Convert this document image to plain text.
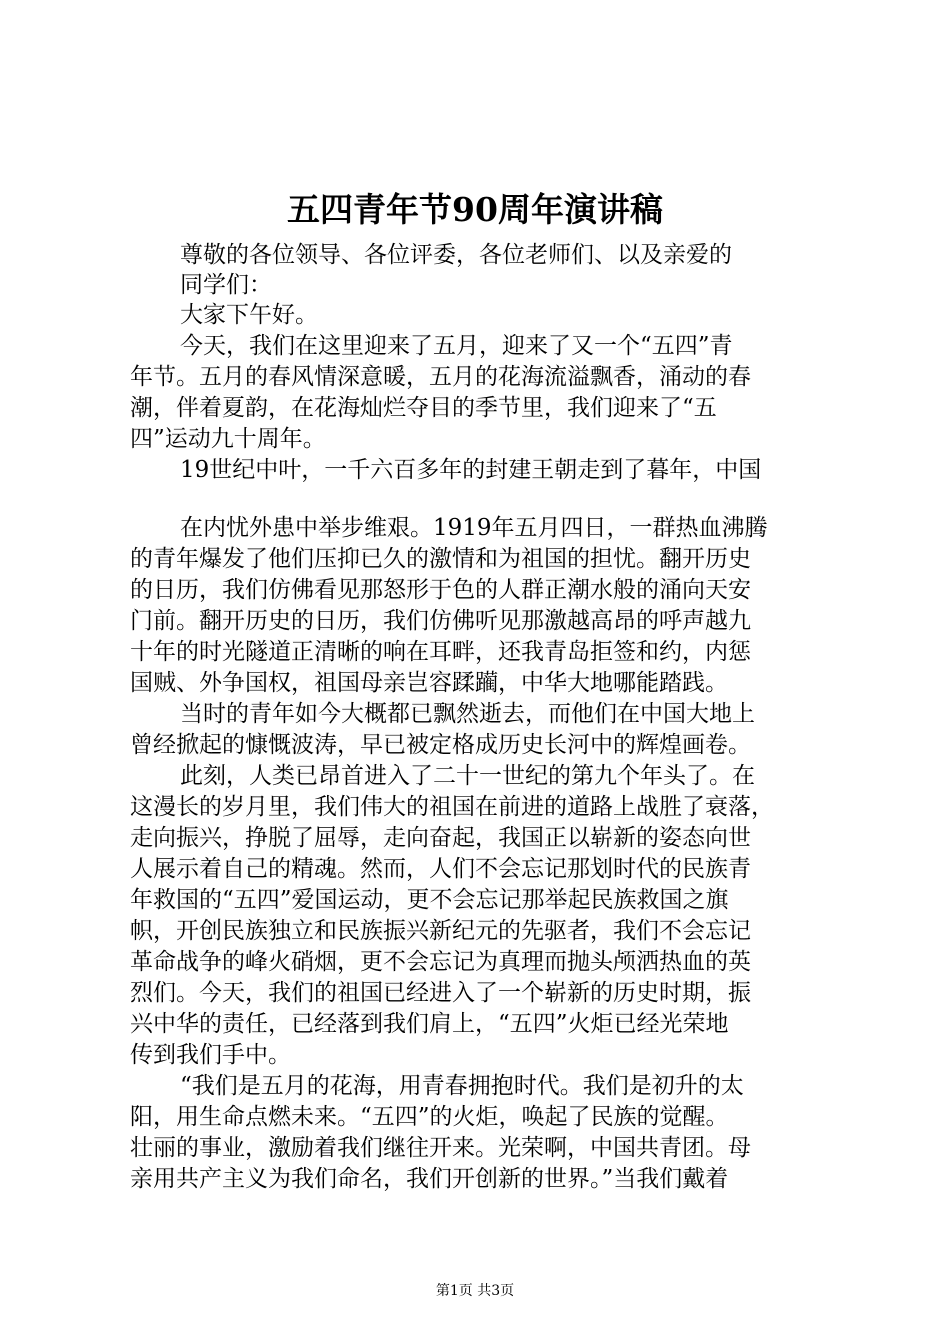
五四青年节90周年演讲稿
尊敬的各位领导、各位评委，各位老师们、以及亲爱的
同学们：
大家下午好。
今天，我们在这里迎来了五月，迎来了又一个“五四”青
年节。五月的春风情深意暖，五月的花海流溢飘香，涌动的春
潮，伴着夏韵，在花海灿烂夺目的季节里，我们迎来了“五
四”运动九十周年。
19世纪中叶，一千六百多年的封建王朝走到了暮年，中国
在内忧外患中举步维艰。1919年五月四日，一群热血沸腾
的青年爆发了他们压抑已久的激情和为祖国的担忧。翻开历史
的日历，我们仿佛看见那怒形于色的人群正潮水般的涌向天安
门前。翻开历史的日历，我们仿佛听见那激越高昂的呼声越九
十年的时光隧道正清晰的响在耳畔，还我青岛拒签和约，内惩
国贼、外争国权，祖国母亲岂容蹂躏，中华大地哪能踏践。
当时的青年如今大概都已飘然逝去，而他们在中国大地上
曾经掀起的慷慨波涛，早已被定格成历史长河中的辉煌画卷。
此刻，人类已昂首进入了二十一世纪的第九个年头了。在
这漫长的岁月里，我们伟大的祖国在前进的道路上战胜了衰落，
走向振兴，挣脱了屈辱，走向奋起，我国正以崭新的姿态向世
人展示着自己的精魂。然而，人们不会忘记那划时代的民族青
年救国的“五四”爱国运动，更不会忘记那举起民族救国之旗
帜，开创民族独立和民族振兴新纪元的先驱者，我们不会忘记
革命战争的峰火硝烟，更不会忘记为真理而抛头颅洒热血的英
烈们。今天，我们的祖国已经进入了一个崭新的历史时期，振
兴中华的责任，已经落到我们肩上，“五四”火炬已经光荣地
传到我们手中。
“我们是五月的花海，用青春拥抱时代。我们是初升的太
阳，用生命点燃未来。“五四”的火炬，唤起了民族的觉醒。
壮丽的事业，激励着我们继往开来。光荣啊，中国共青团。母
亲用共产主义为我们命名，我们开创新的世界。”当我们戴着
第1页 共3页
